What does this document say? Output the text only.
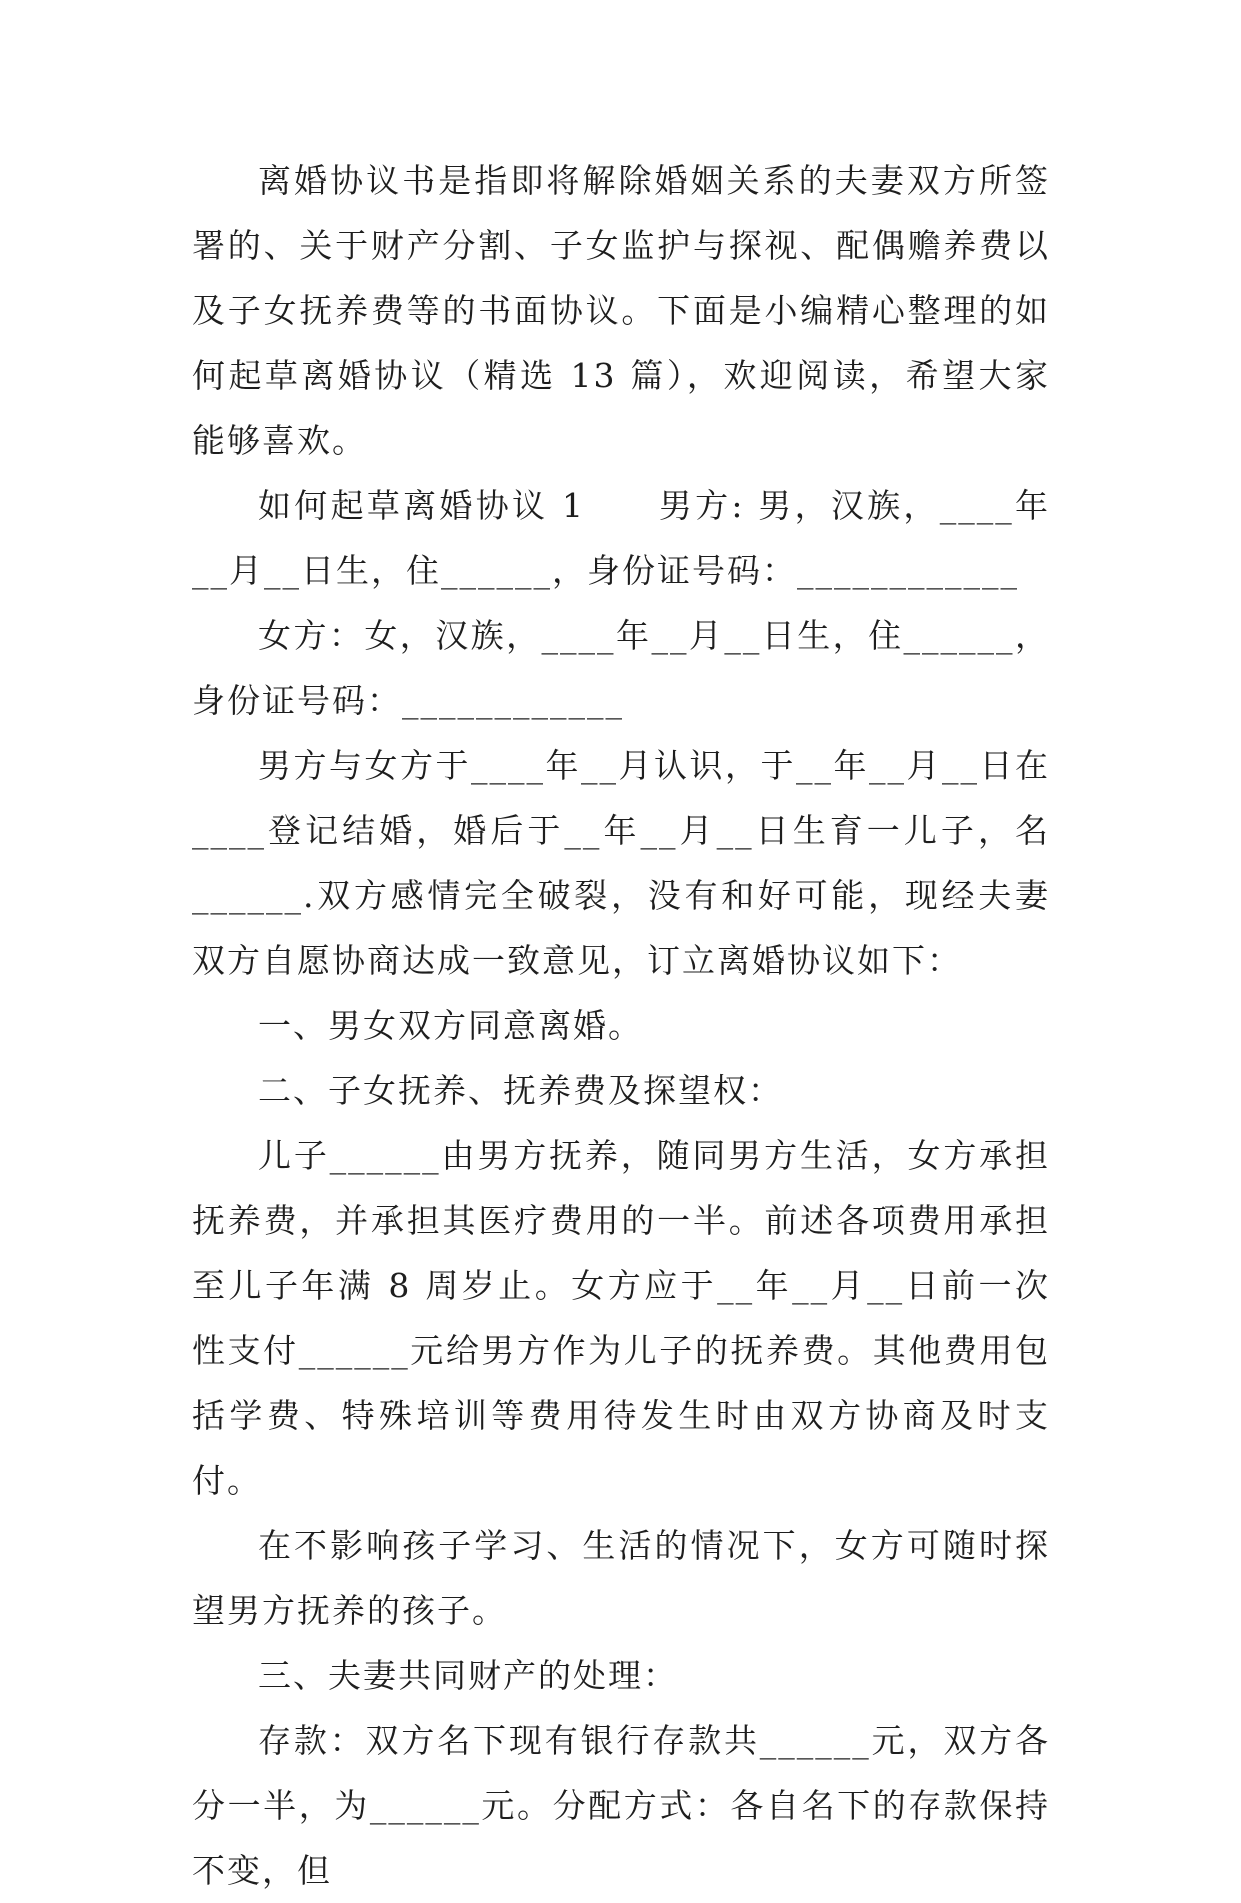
离婚协议书是指即将解除婚姻关系的夫妻双方所签署的、关于财产分割、子女监护与探视、配偶赡养费以及子女抚养费等的书面协议。下面是小编精心整理的如何起草离婚协议（精选 13 篇），欢迎阅读，希望大家能够喜欢。

如何起草离婚协议 1　　男方: 男，汉族，____年__月__日生，住______，身份证号码：____________

女方：女，汉族，____年__月__日生，住______，身份证号码：____________

男方与女方于____年__月认识，于__年__月__日在____登记结婚，婚后于__年__月__日生育一儿子，名______.双方感情完全破裂，没有和好可能，现经夫妻双方自愿协商达成一致意见，订立离婚协议如下：

一、男女双方同意离婚。

二、子女抚养、抚养费及探望权：

儿子______由男方抚养，随同男方生活，女方承担抚养费，并承担其医疗费用的一半。前述各项费用承担至儿子年满 8 周岁止。女方应于__年__月__日前一次性支付______元给男方作为儿子的抚养费。其他费用包括学费、特殊培训等费用待发生时由双方协商及时支付。

在不影响孩子学习、生活的情况下，女方可随时探望男方抚养的孩子。

三、夫妻共同财产的处理：

存款：双方名下现有银行存款共______元，双方各分一半，为______元。分配方式：各自名下的存款保持不变，但
